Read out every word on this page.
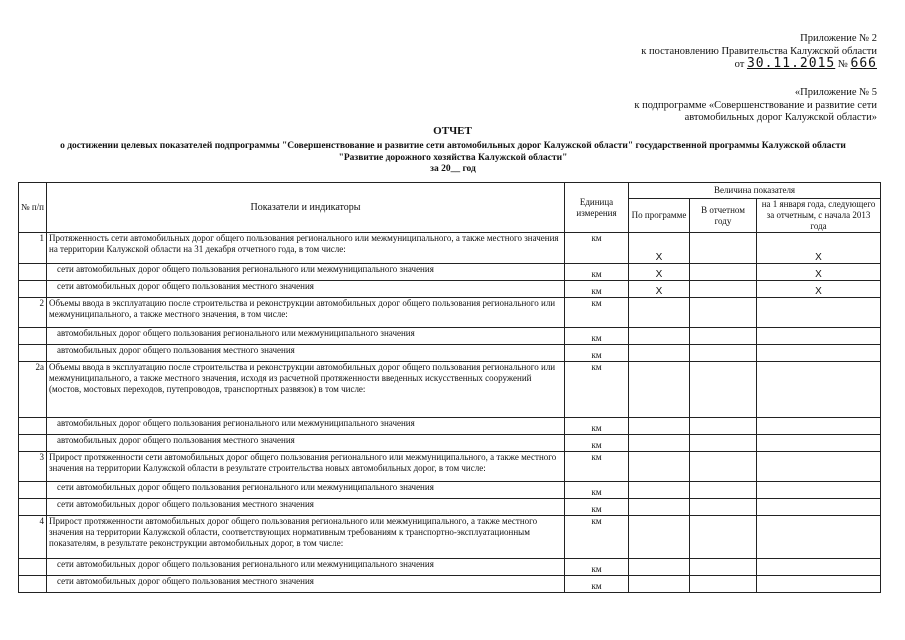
Приложение № 2
к постановлению Правительства Калужской области
от 30.11.2015 № 666
«Приложение № 5
к подпрограмме «Совершенствование и развитие сети
автомобильных дорог Калужской области»
ОТЧЕТ
о достижении целевых показателей подпрограммы "Совершенствование и развитие сети автомобильных дорог Калужской области" государственной программы Калужской области
"Развитие дорожного хозяйства Калужской области"
за 20__ год
№ п/п	Показатели и индикаторы	Единица измерения	Величина показателя		
			По программе	В отчетном году	на 1 января года, следующего за отчетным, с начала 2013 года
1	Протяженность сети автомобильных дорог общего пользования регионального или межмуниципального, а также местного значения на территории Калужской области на 31 декабря отчетного года, в том числе:	км	X		X
	сети автомобильных дорог общего пользования регионального или межмуниципального значения	км	X		X
	сети автомобильных дорог общего пользования местного значения	км	X		X
2	Объемы ввода в эксплуатацию после строительства и реконструкции автомобильных дорог общего пользования регионального или межмуниципального, а также местного значения, в том числе:	км			
	автомобильных дорог общего пользования регионального или межмуниципального значения	км			
	автомобильных дорог общего пользования местного значения	км			
2а	Объемы ввода в эксплуатацию после строительства и реконструкции автомобильных дорог общего пользования регионального или межмуниципального, а также местного значения, исходя из расчетной протяженности введенных искусственных сооружений (мостов, мостовых переходов, путепроводов, транспортных развязок) в том числе:	км			
	автомобильных дорог общего пользования регионального или межмуниципального значения	км			
	автомобильных дорог общего пользования местного значения	км			
3	Прирост протяженности сети автомобильных дорог общего пользования регионального или межмуниципального, а также местного значения на территории Калужской области в результате строительства новых автомобильных дорог, в том числе:	км			
	сети автомобильных дорог общего пользования регионального или межмуниципального значения	км			
	сети автомобильных дорог общего пользования местного значения	км			
4	Прирост протяженности автомобильных дорог общего пользования регионального или межмуниципального, а также местного значения на территории Калужской области, соответствующих нормативным требованиям к транспортно-эксплуатационным показателям, в результате реконструкции автомобильных дорог, в том числе:	км			
	сети автомобильных дорог общего пользования регионального или межмуниципального значения	км			
	сети автомобильных дорог общего пользования местного значения	км			
